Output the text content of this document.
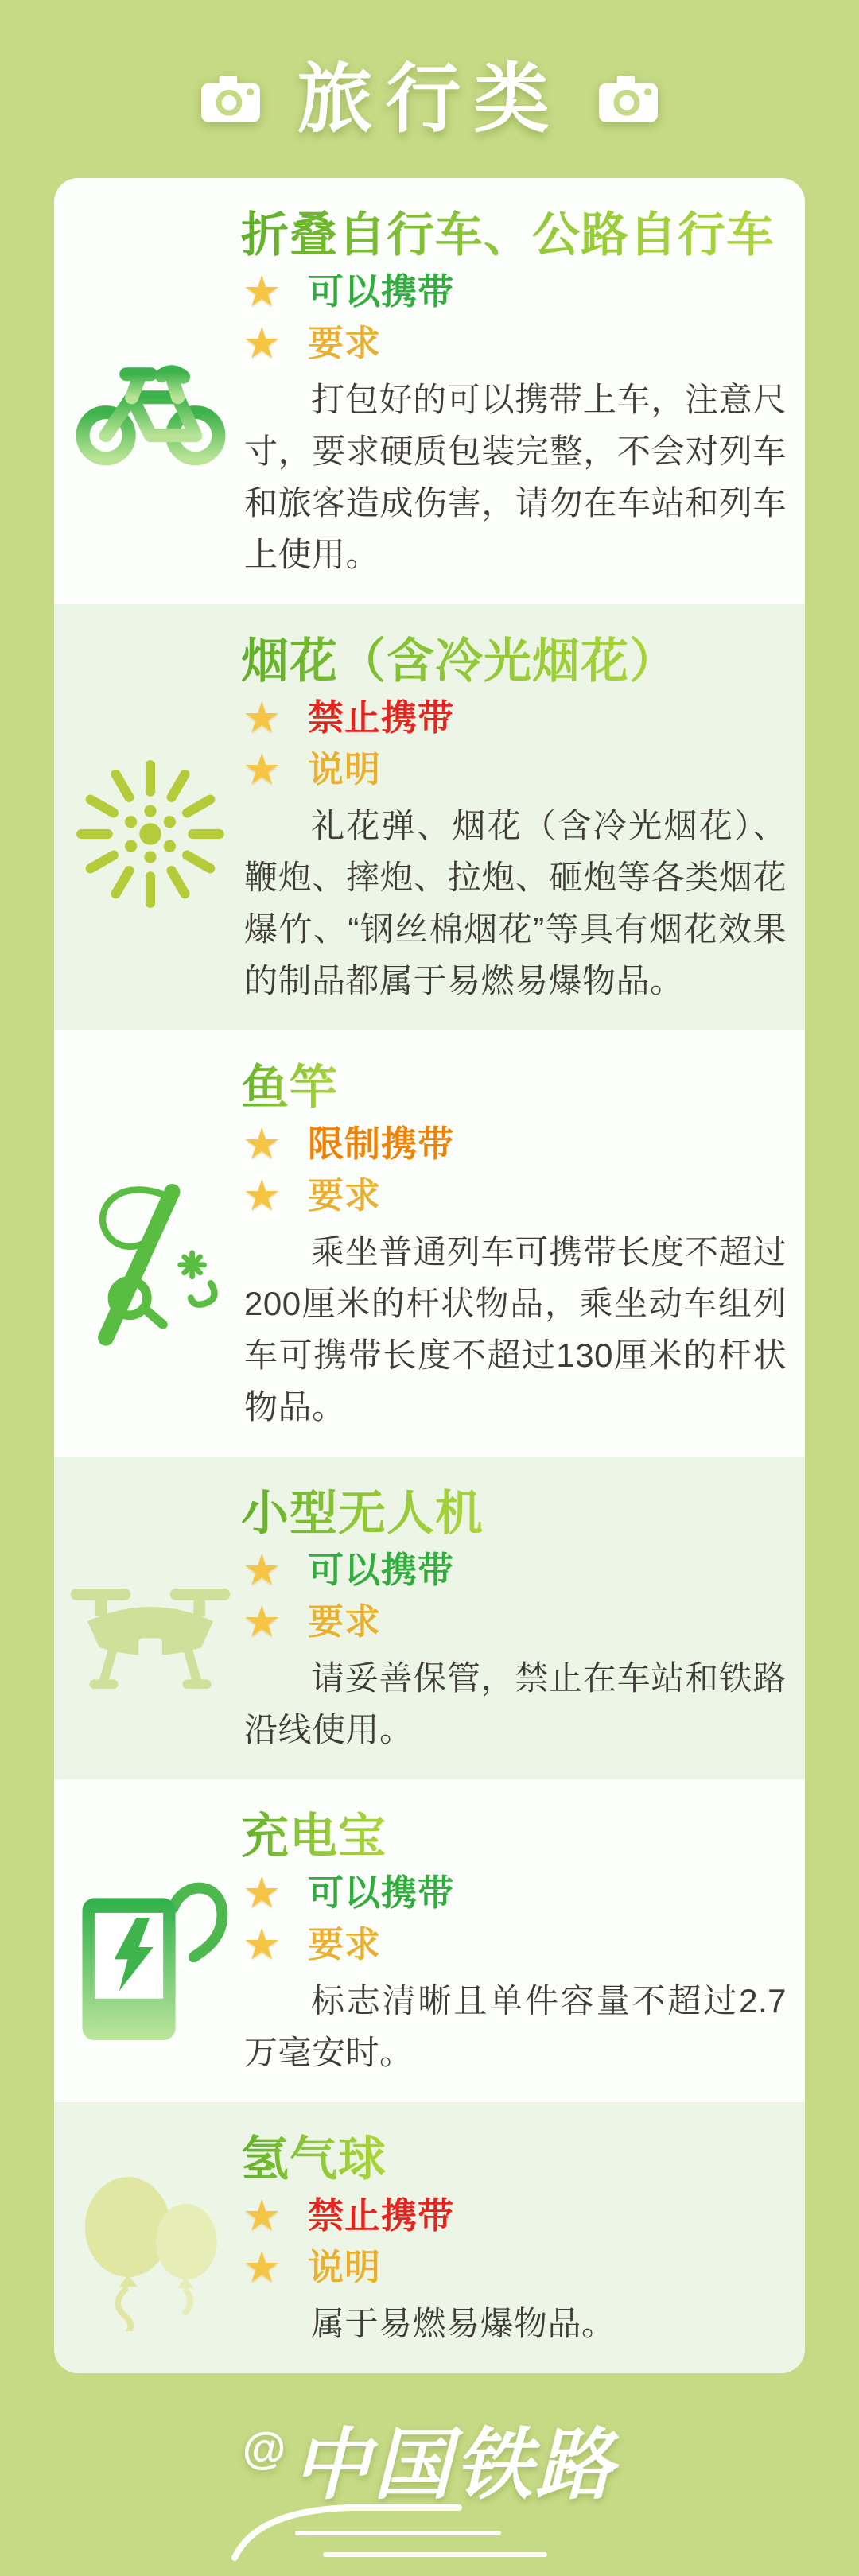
旅行类
折叠自行车、公路自行车
★ 可以携带
★ 要求

打包好的可以携带上车，注意尺寸，要求硬质包装完整，不会对列车和旅客造成伤害，请勿在车站和列车上使用。

烟花（含冷光烟花）
★ 禁止携带
★ 说明

礼花弹、烟花（含冷光烟花）、鞭炮、摔炮、拉炮、砸炮等各类烟花爆竹、“钢丝棉烟花”等具有烟花效果的制品都属于易燃易爆物品。

鱼竿
★ 限制携带
★ 要求

乘坐普通列车可携带长度不超过200厘米的杆状物品，乘坐动车组列车可携带长度不超过130厘米的杆状物品。

小型无人机
★ 可以携带
★ 要求

请妥善保管，禁止在车站和铁路沿线使用。

充电宝
★ 可以携带
★ 要求

标志清晰且单件容量不超过2.7万毫安时。

氢气球
★ 禁止携带
★ 说明

属于易燃易爆物品。

@中国铁路
